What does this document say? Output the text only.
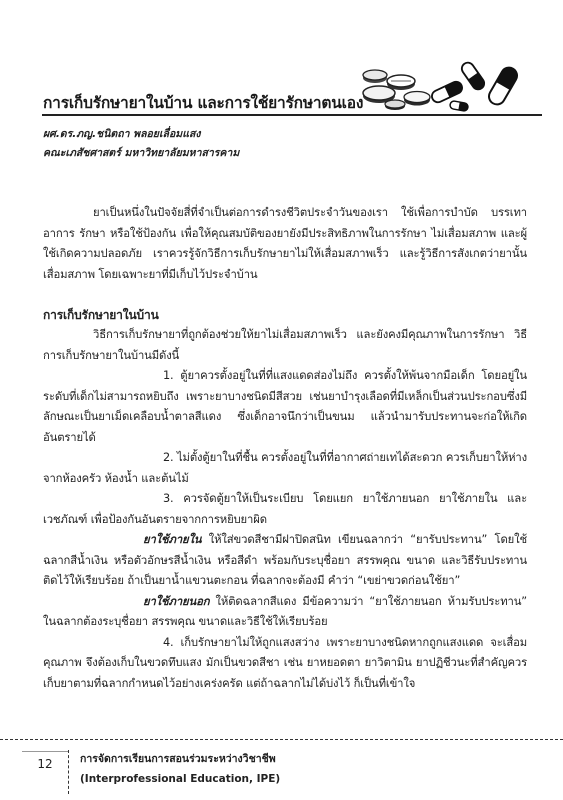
การเก็บรักษายาในบ้าน และการใช้ยารักษาตนเอง
ผศ.ดร.ภญ.ชนิตถา พลอยเลื่อมแสง
คณะเภสัชศาสตร์ มหาวิทยาลัยมหาสารคาม
ยาเป็นหนึ่งในปัจจัยสี่ที่จำเป็นต่อการดำรงชีวิตประจำวันของเรา ใช้เพื่อการบำบัด บรรเทาอาการ รักษา หรือใช้ป้องกัน เพื่อให้คุณสมบัติของยายังมีประสิทธิภาพในการรักษา ไม่เสื่อมสภาพ และผู้ใช้เกิดความปลอดภัย เราควรรู้จักวิธีการเก็บรักษายาไม่ให้เสื่อมสภาพเร็ว และรู้วิธีการสังเกตว่ายานั้นเสื่อมสภาพ โดยเฉพาะยาที่มีเก็บไว้ประจำบ้าน
การเก็บรักษายาในบ้าน
วิธีการเก็บรักษายาที่ถูกต้องช่วยให้ยาไม่เสื่อมสภาพเร็ว และยังคงมีคุณภาพในการรักษา วิธีการเก็บรักษายาในบ้านมีดังนี้
1. ตู้ยาควรตั้งอยู่ในที่ที่แสงแดดส่องไม่ถึง ควรตั้งให้พ้นจากมือเด็ก โดยอยู่ในระดับที่เด็กไม่สามารถหยิบถึง เพราะยาบางชนิดมีสีสวย เช่นยาบำรุงเลือดที่มีเหล็กเป็นส่วนประกอบซึ่งมีลักษณะเป็นยาเม็ดเคลือบน้ำตาลสีแดง ซึ่งเด็กอาจนึกว่าเป็นขนม แล้วนำมารับประทานจะก่อให้เกิดอันตรายได้
2. ไม่ตั้งตู้ยาในที่ชื้น ควรตั้งอยู่ในที่ที่อากาศถ่ายเทได้สะดวก ควรเก็บยาให้ห่างจากห้องครัว ห้องน้ำ และต้นไม้
3. ควรจัดตู้ยาให้เป็นระเบียบ โดยแยก ยาใช้ภายนอก ยาใช้ภายใน และเวชภัณฑ์ เพื่อป้องกันอันตรายจากการหยิบยาผิด
ยาใช้ภายใน ให้ใส่ขวดสีชามีฝาปิดสนิท เขียนฉลากว่า “ยารับประทาน” โดยใช้ฉลากสีน้ำเงิน หรือตัวอักษรสีน้ำเงิน หรือสีดำ พร้อมกับระบุชื่อยา สรรพคุณ ขนาด และวิธีรับประทาน ติดไว้ให้เรียบร้อย ถ้าเป็นยาน้ำแขวนตะกอน ที่ฉลากจะต้องมี คำว่า “เขย่าขวดก่อนใช้ยา”
ยาใช้ภายนอก ให้ติดฉลากสีแดง มีข้อความว่า “ยาใช้ภายนอก ห้ามรับประทาน” ในฉลากต้องระบุชื่อยา สรรพคุณ ขนาดและวิธีใช้ให้เรียบร้อย
4. เก็บรักษายาไม่ให้ถูกแสงสว่าง เพราะยาบางชนิดหากถูกแสงแดด จะเสื่อมคุณภาพ จึงต้องเก็บในขวดทึบแสง มักเป็นขวดสีชา เช่น ยาหยอดตา ยาวิตามิน ยาปฏิชีวนะที่สำคัญควรเก็บยาตามที่ฉลากกำหนดไว้อย่างเคร่งครัด แต่ถ้าฉลากไม่ได้บ่งไว้ ก็เป็นที่เข้าใจ
12	การจัดการเรียนการสอนร่วมระหว่างวิชาชีพ
(Interprofessional Education, IPE)
